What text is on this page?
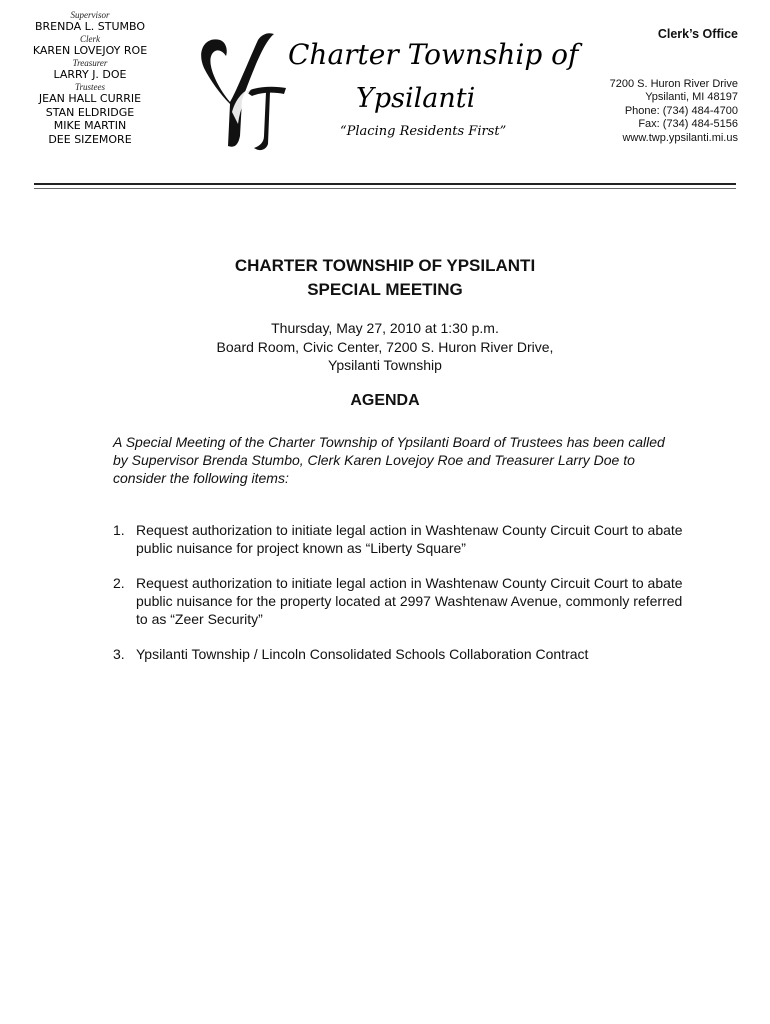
Supervisor
BRENDA L. STUMBO
Clerk
KAREN LOVEJOY ROE
Treasurer
LARRY J. DOE
Trustees
JEAN HALL CURRIE
STAN ELDRIDGE
MIKE MARTIN
DEE SIZEMORE
Charter Township of
Ypsilanti
“Placing Residents First”
Clerk’s Office
7200 S. Huron River Drive
Ypsilanti, MI 48197
Phone: (734) 484-4700
Fax: (734) 484-5156
www.twp.ypsilanti.mi.us
CHARTER TOWNSHIP OF YPSILANTI
SPECIAL MEETING
Thursday, May 27, 2010 at 1:30 p.m.
Board Room, Civic Center, 7200 S. Huron River Drive,
Ypsilanti Township
AGENDA
A Special Meeting of the Charter Township of Ypsilanti Board of Trustees has been called by Supervisor Brenda Stumbo, Clerk Karen Lovejoy Roe and Treasurer Larry Doe to consider the following items:
1. Request authorization to initiate legal action in Washtenaw County Circuit Court to abate public nuisance for project known as “Liberty Square”
2. Request authorization to initiate legal action in Washtenaw County Circuit Court to abate public nuisance for the property located at 2997 Washtenaw Avenue, commonly referred to as “Zeer Security”
3. Ypsilanti Township / Lincoln Consolidated Schools Collaboration Contract
